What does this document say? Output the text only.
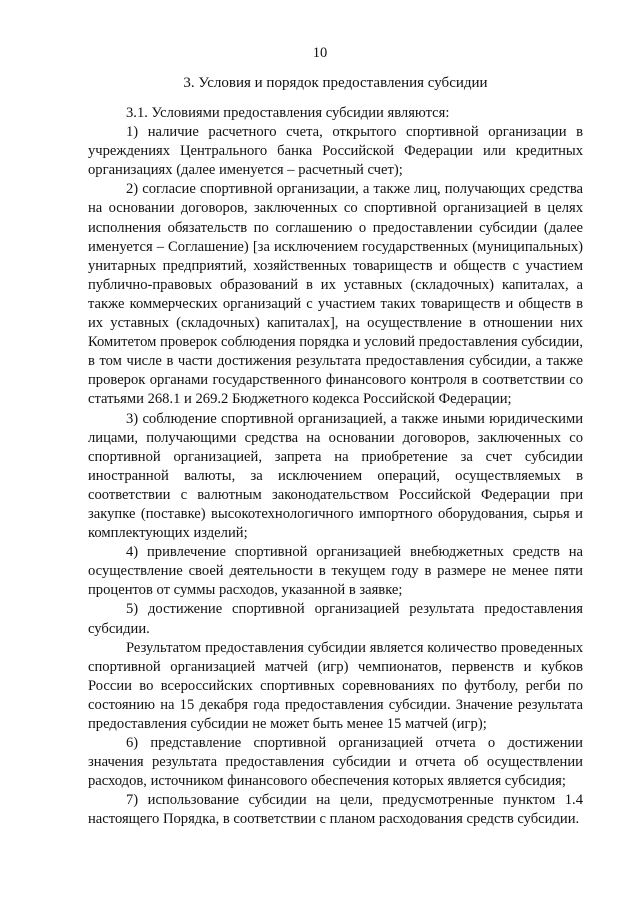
10
3. Условия и порядок предоставления субсидии

3.1. Условиями предоставления субсидии являются:

1) наличие расчетного счета, открытого спортивной организации в учреждениях Центрального банка Российской Федерации или кредитных организациях (далее именуется – расчетный счет);

2) согласие спортивной организации, а также лиц, получающих средства на основании договоров, заключенных со спортивной организацией в целях исполнения обязательств по соглашению о предоставлении субсидии (далее именуется – Соглашение) [за исключением государственных (муниципальных) унитарных предприятий, хозяйственных товариществ и обществ с участием публично-правовых образований в их уставных (складочных) капиталах, а также коммерческих организаций с участием таких товариществ и обществ в их уставных (складочных) капиталах], на осуществление в отношении них Комитетом проверок соблюдения порядка и условий предоставления субсидии, в том числе в части достижения результата предоставления субсидии, а также проверок органами государственного финансового контроля в соответствии со статьями 268.1 и 269.2 Бюджетного кодекса Российской Федерации;

3) соблюдение спортивной организацией, а также иными юридическими лицами, получающими средства на основании договоров, заключенных со спортивной организацией, запрета на приобретение за счет субсидии иностранной валюты, за исключением операций, осуществляемых в соответствии с валютным законодательством Российской Федерации при закупке (поставке) высокотехнологичного импортного оборудования, сырья и комплектующих изделий;

4) привлечение спортивной организацией внебюджетных средств на осуществление своей деятельности в текущем году в размере не менее пяти процентов от суммы расходов, указанной в заявке;

5) достижение спортивной организацией результата предоставления субсидии.

Результатом предоставления субсидии является количество проведенных спортивной организацией матчей (игр) чемпионатов, первенств и кубков России во всероссийских спортивных соревнованиях по футболу, регби по состоянию на 15 декабря года предоставления субсидии. Значение результата предоставления субсидии не может быть менее 15 матчей (игр);

6) представление спортивной организацией отчета о достижении значения результата предоставления субсидии и отчета об осуществлении расходов, источником финансового обеспечения которых является субсидия;

7) использование субсидии на цели, предусмотренные пунктом 1.4 настоящего Порядка, в соответствии с планом расходования средств субсидии.
